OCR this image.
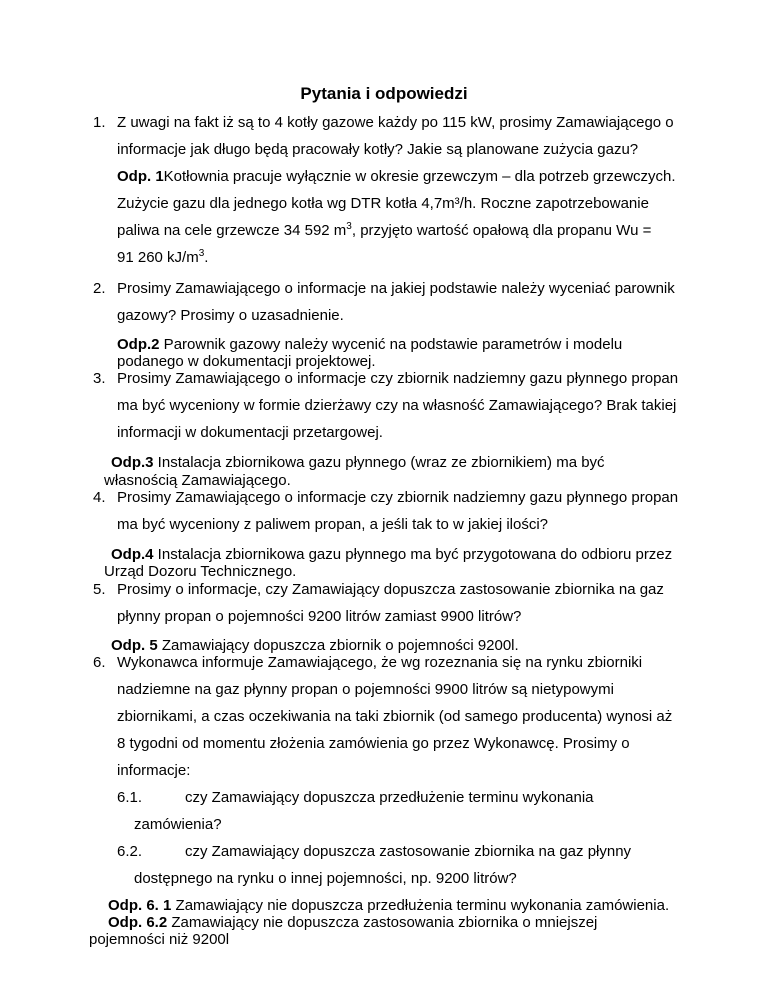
Pytania i odpowiedzi
1. Z uwagi na fakt iż są to 4 kotły gazowe każdy po 115 kW, prosimy Zamawiającego o
informacje jak długo będą pracowały kotły? Jakie są planowane zużycia gazu?
Odp. 1Kotłownia pracuje wyłącznie w okresie grzewczym – dla potrzeb grzewczych.
Zużycie gazu dla jednego kotła wg DTR kotła 4,7m³/h. Roczne zapotrzebowanie
paliwa na cele grzewcze 34 592 $m^3$, przyjęto wartość opałową dla propanu Wu =
91 260 $kJ/m^3$.
2. Prosimy Zamawiającego o informacje na jakiej podstawie należy wyceniać parownik
gazowy? Prosimy o uzasadnienie.
Odp.2 Parownik gazowy należy wycenić na podstawie parametrów i modelu
podanego w dokumentacji projektowej.
3. Prosimy Zamawiającego o informacje czy zbiornik nadziemny gazu płynnego propan
ma być wyceniony w formie dzierżawy czy na własność Zamawiającego? Brak takiej
informacji w dokumentacji przetargowej.
Odp.3 Instalacja zbiornikowa gazu płynnego (wraz ze zbiornikiem) ma być
własnością Zamawiającego.
4. Prosimy Zamawiającego o informacje czy zbiornik nadziemny gazu płynnego propan
ma być wyceniony z paliwem propan, a jeśli tak to w jakiej ilości?
Odp.4 Instalacja zbiornikowa gazu płynnego ma być przygotowana do odbioru przez
Urząd Dozoru Technicznego.
5. Prosimy o informacje, czy Zamawiający dopuszcza zastosowanie zbiornika na gaz
płynny propan o pojemności 9200 litrów zamiast 9900 litrów?
Odp. 5 Zamawiający dopuszcza zbiornik o pojemności 9200l.
6. Wykonawca informuje Zamawiającego, że wg rozeznania się na rynku zbiorniki
nadziemne na gaz płynny propan o pojemności 9900 litrów są nietypowymi
zbiornikami, a czas oczekiwania na taki zbiornik (od samego producenta) wynosi aż
8 tygodni od momentu złożenia zamówienia go przez Wykonawcę. Prosimy o
informacje:
6.1.	czy Zamawiający dopuszcza przedłużenie terminu wykonania
zamówienia?
6.2.	czy Zamawiający dopuszcza zastosowanie zbiornika na gaz płynny
dostępnego na rynku o innej pojemności, np. 9200 litrów?
Odp. 6. 1 Zamawiający nie dopuszcza przedłużenia terminu wykonania zamówienia.
Odp. 6.2 Zamawiający nie dopuszcza zastosowania zbiornika o mniejszej
pojemności niż 9200l
